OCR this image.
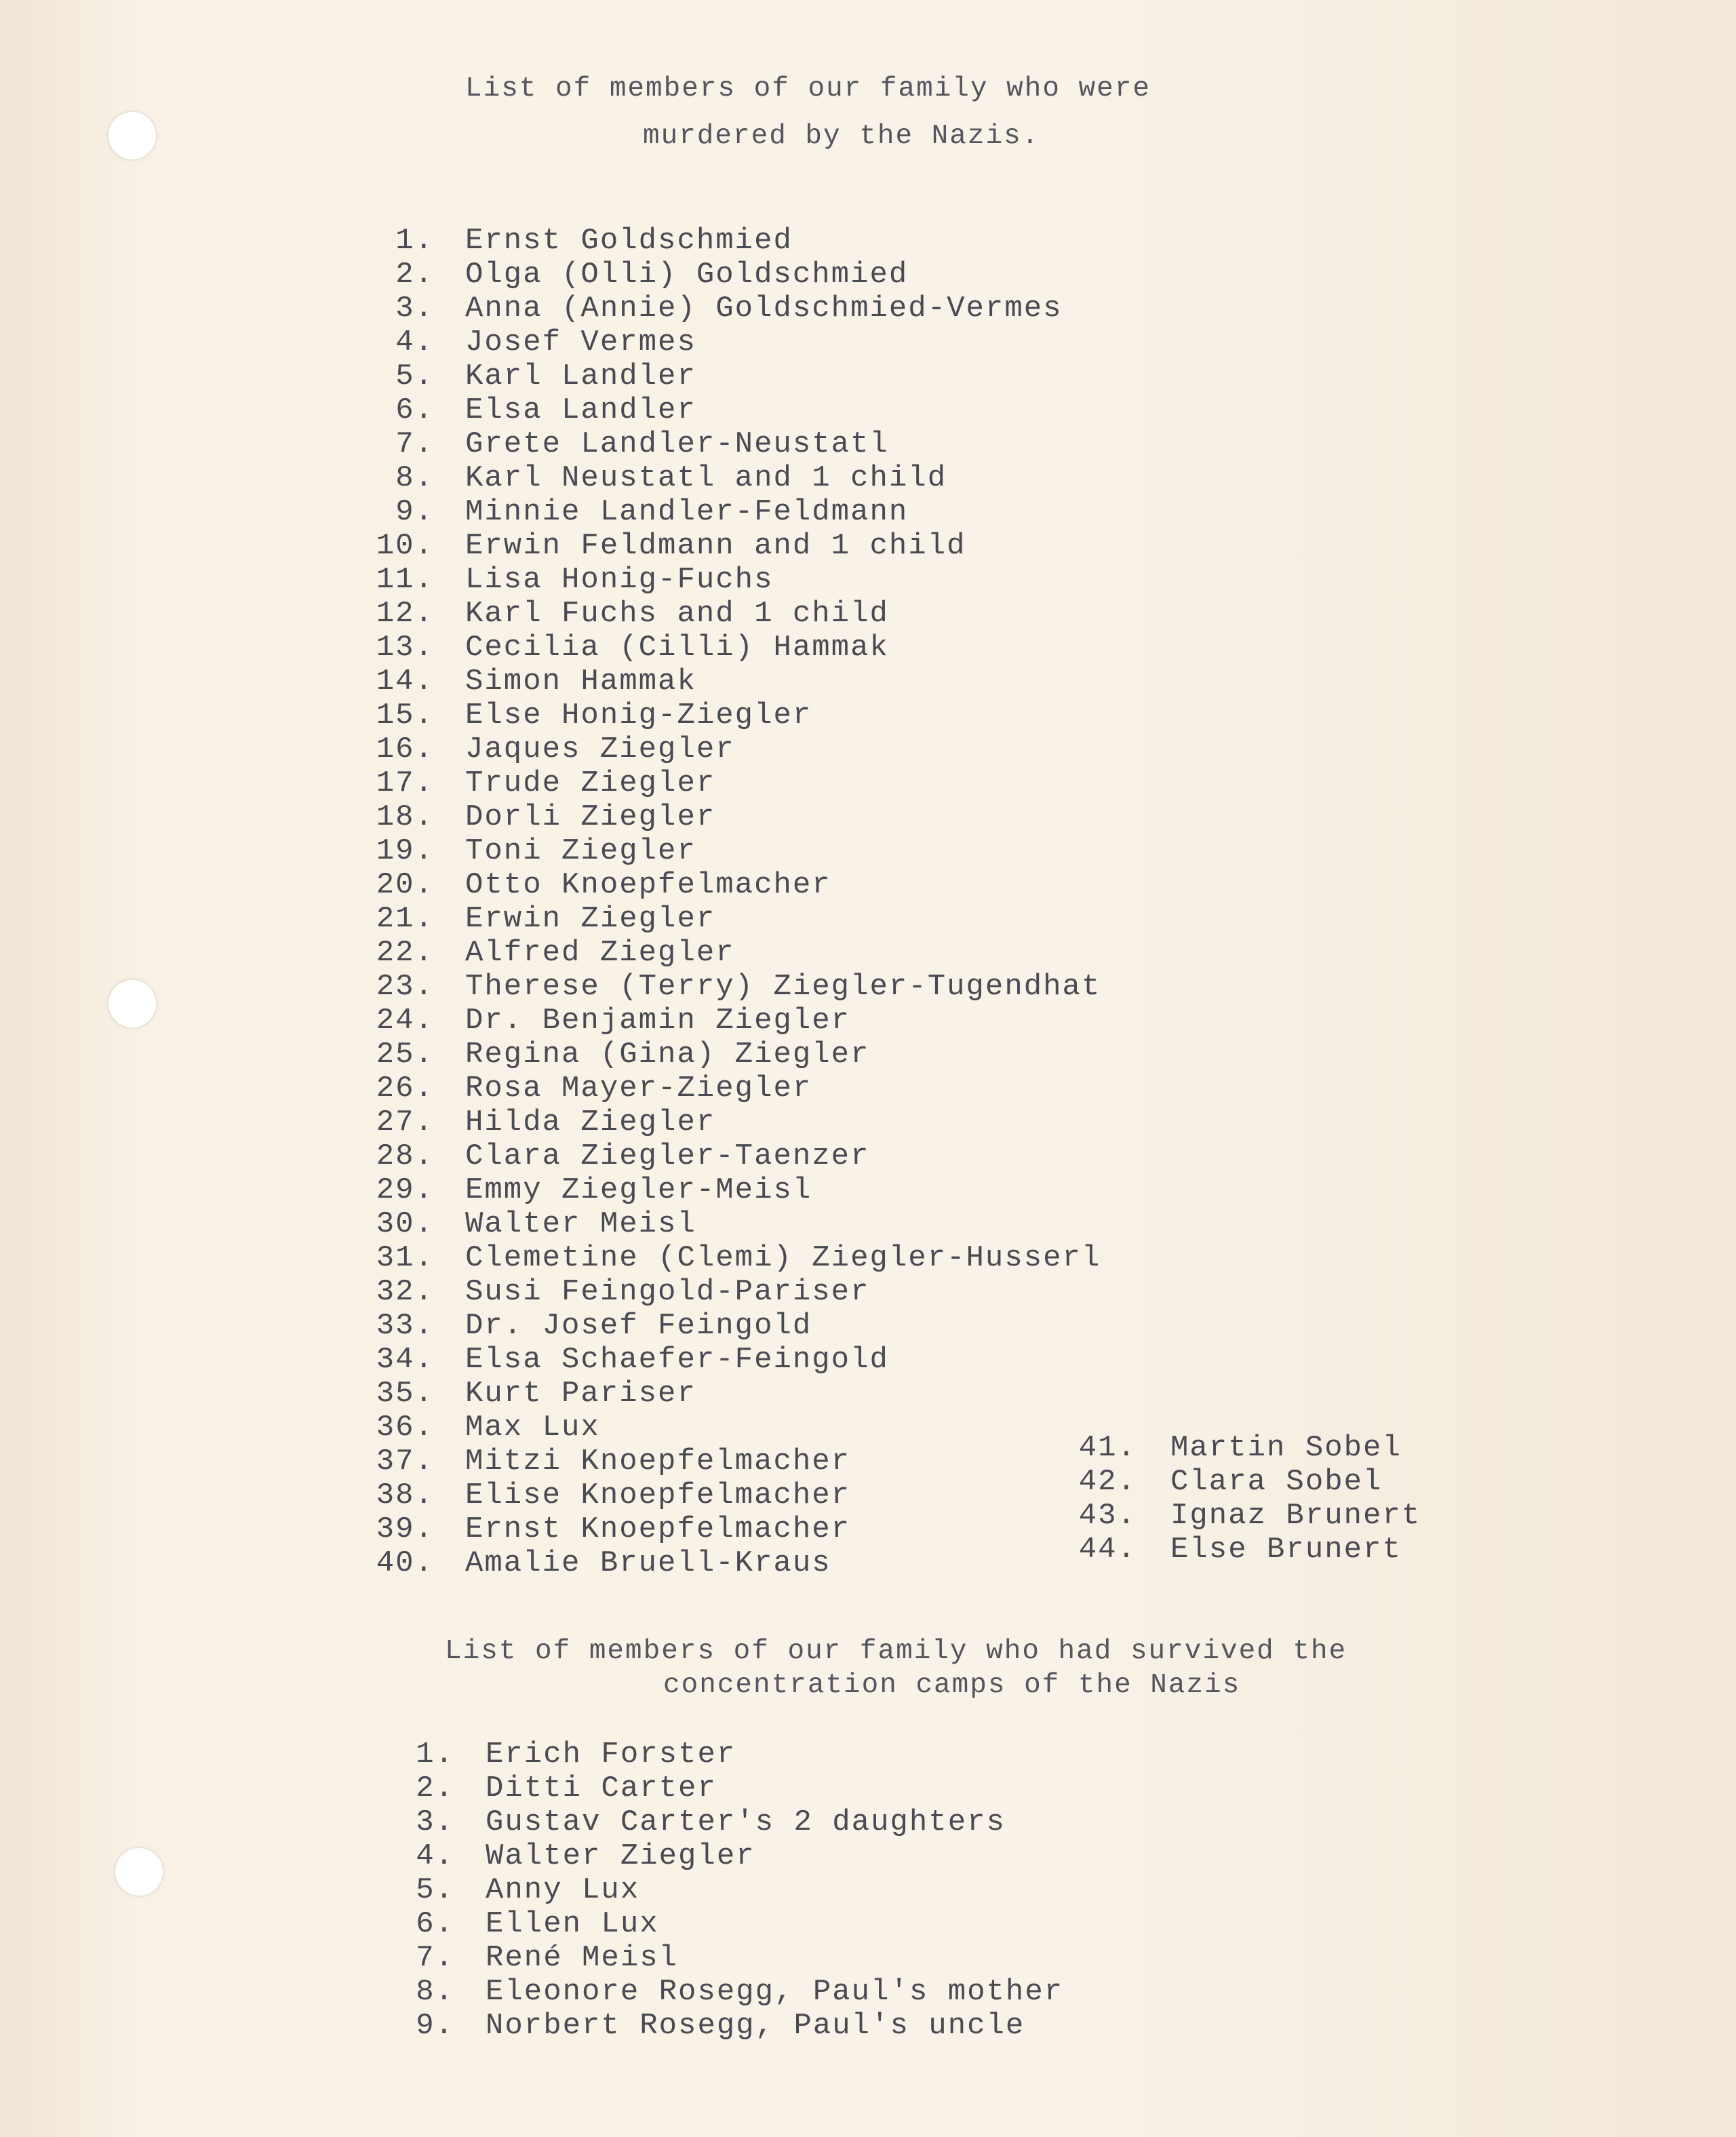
List of members of our family who were
murdered by the Nazis.
List of members of our family who had survived the
concentration camps of the Nazis
1. Ernst Goldschmied
2. Olga (Olli) Goldschmied
3. Anna (Annie) Goldschmied-Vermes
4. Josef Vermes
5. Karl Landler
6. Elsa Landler
7. Grete Landler-Neustatl
8. Karl Neustatl and 1 child
9. Minnie Landler-Feldmann
10. Erwin Feldmann and 1 child
11. Lisa Honig-Fuchs
12. Karl Fuchs and 1 child
13. Cecilia (Cilli) Hammak
14. Simon Hammak
15. Else Honig-Ziegler
16. Jaques Ziegler
17. Trude Ziegler
18. Dorli Ziegler
19. Toni Ziegler
20. Otto Knoepfelmacher
21. Erwin Ziegler
22. Alfred Ziegler
23. Therese (Terry) Ziegler-Tugendhat
24. Dr. Benjamin Ziegler
25. Regina (Gina) Ziegler
26. Rosa Mayer-Ziegler
27. Hilda Ziegler
28. Clara Ziegler-Taenzer
29. Emmy Ziegler-Meisl
30. Walter Meisl
31. Clemetine (Clemi) Ziegler-Husserl
32. Susi Feingold-Pariser
33. Dr. Josef Feingold
34. Elsa Schaefer-Feingold
35. Kurt Pariser
36. Max Lux
37. Mitzi Knoepfelmacher
38. Elise Knoepfelmacher
39. Ernst Knoepfelmacher
40. Amalie Bruell-Kraus
41. Martin Sobel
42. Clara Sobel
43. Ignaz Brunert
44. Else Brunert
1. Erich Forster
2. Ditti Carter
3. Gustav Carter's 2 daughters
4. Walter Ziegler
5. Anny Lux
6. Ellen Lux
7. René Meisl
8. Eleonore Rosegg, Paul's mother
9. Norbert Rosegg, Paul's uncle
